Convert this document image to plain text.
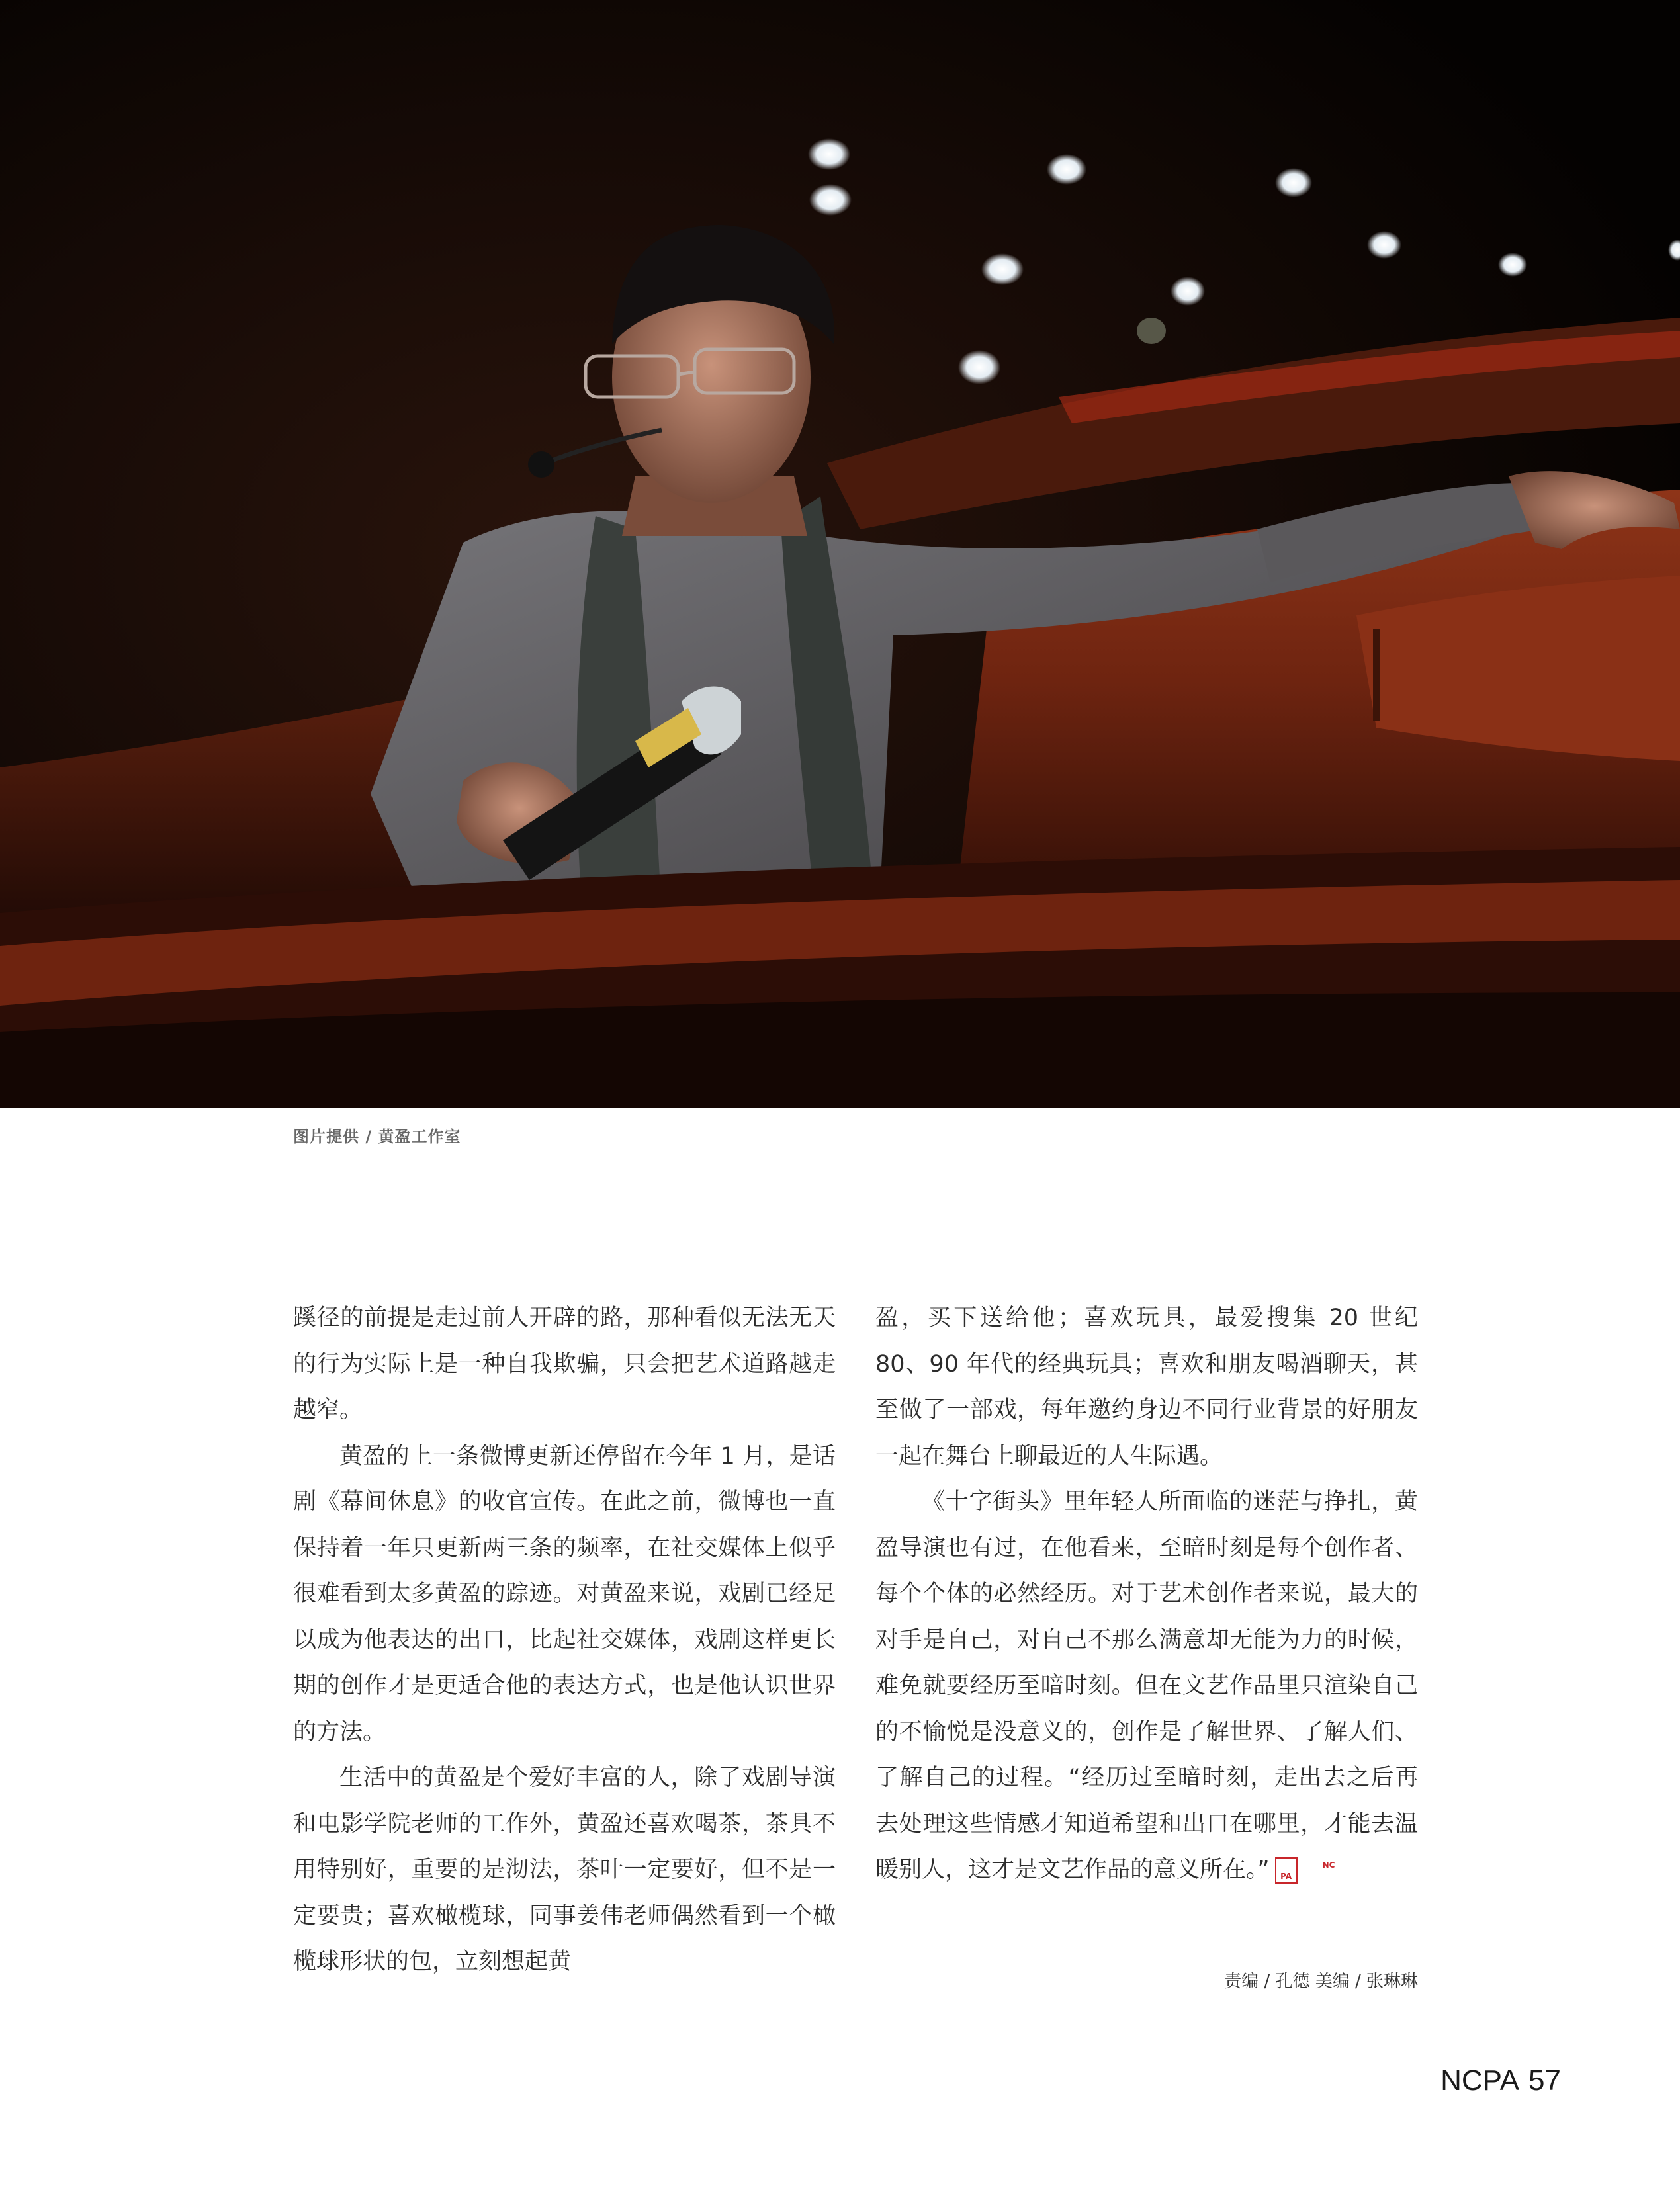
图片提供 / 黄盈工作室

蹊径的前提是走过前人开辟的路，那种看似无法无天的行为实际上是一种自我欺骗，只会把艺术道路越走越窄。

黄盈的上一条微博更新还停留在今年 1 月，是话剧《幕间休息》的收官宣传。在此之前，微博也一直保持着一年只更新两三条的频率，在社交媒体上似乎很难看到太多黄盈的踪迹。对黄盈来说，戏剧已经足以成为他表达的出口，比起社交媒体，戏剧这样更长期的创作才是更适合他的表达方式，也是他认识世界的方法。

生活中的黄盈是个爱好丰富的人，除了戏剧导演和电影学院老师的工作外，黄盈还喜欢喝茶，茶具不用特别好，重要的是沏法，茶叶一定要好，但不是一定要贵；喜欢橄榄球，同事姜伟老师偶然看到一个橄榄球形状的包，立刻想起黄

盈，买下送给他；喜欢玩具，最爱搜集 20 世纪 80、90 年代的经典玩具；喜欢和朋友喝酒聊天，甚至做了一部戏，每年邀约身边不同行业背景的好朋友一起在舞台上聊最近的人生际遇。

《十字街头》里年轻人所面临的迷茫与挣扎，黄盈导演也有过，在他看来，至暗时刻是每个创作者、每个个体的必然经历。对于艺术创作者来说，最大的对手是自己，对自己不那么满意却无能为力的时候，难免就要经历至暗时刻。但在文艺作品里只渲染自己的不愉悦是没意义的，创作是了解世界、了解人们、了解自己的过程。“经历过至暗时刻，走出去之后再去处理这些情感才知道希望和出口在哪里，才能去温暖别人，这才是文艺作品的意义所在。”	NC
PA

责编 / 孔德 美编 / 张琳琳
NCPA 57
